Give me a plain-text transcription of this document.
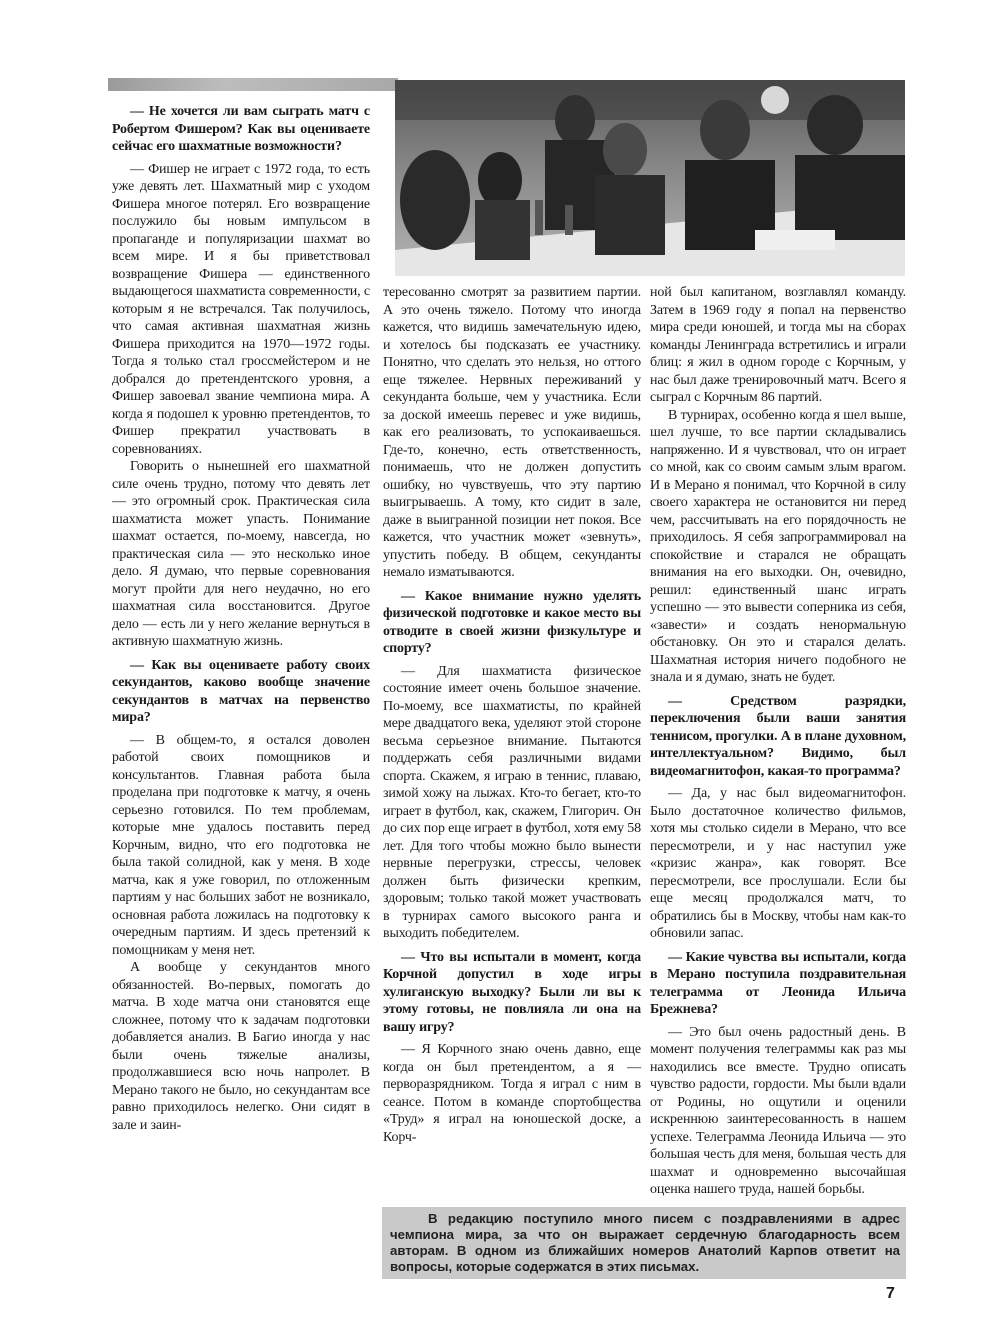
— Не хочется ли вам сыграть матч с Робертом Фишером? Как вы оцениваете сейчас его шахматные возможности?

— Фишер не играет с 1972 года, то есть уже девять лет. Шахматный мир с уходом Фишера многое потерял. Его возвращение послужило бы новым импульсом в пропаганде и популяризации шахмат во всем мире. И я бы приветствовал возвращение Фишера — единственного выдающегося шахматиста современности, с которым я не встречался. Так получилось, что самая активная шахматная жизнь Фишера приходится на 1970—1972 годы. Тогда я только стал гроссмейстером и не добрался до претендентского уровня, а Фишер завоевал звание чемпиона мира. А когда я подошел к уровню претендентов, то Фишер прекратил участвовать в соревнованиях.

Говорить о нынешней его шахматной силе очень трудно, потому что девять лет — это огромный срок. Практическая сила шахматиста может упасть. Понимание шахмат остается, по-моему, навсегда, но практическая сила — это несколько иное дело. Я думаю, что первые соревнования могут пройти для него неудачно, но его шахматная сила восстановится. Другое дело — есть ли у него желание вернуться в активную шахматную жизнь.

— Как вы оцениваете работу своих секундантов, каково вообще значение секундантов в матчах на первенство мира?

— В общем-то, я остался доволен работой своих помощников и консультантов. Главная работа была проделана при подготовке к матчу, я очень серьезно готовился. По тем проблемам, которые мне удалось поставить перед Корчным, видно, что его подготовка не была такой солидной, как у меня. В ходе матча, как я уже говорил, по отложенным партиям у нас больших забот не возникало, основная работа ложилась на подготовку к очередным партиям. И здесь претензий к помощникам у меня нет.

А вообще у секундантов много обязанностей. Во-первых, помогать до матча. В ходе матча они становятся еще сложнее, потому что к задачам подготовки добавляется анализ. В Багио иногда у нас были очень тяжелые анализы, продолжавшиеся всю ночь напролет. В Мерано такого не было, но секундантам все равно приходилось нелегко. Они сидят в зале и заин-

тересованно смотрят за развитием партии. А это очень тяжело. Потому что иногда кажется, что видишь замечательную идею, и хотелось бы подсказать ее участнику. Понятно, что сделать это нельзя, но оттого еще тяжелее. Нервных переживаний у секунданта больше, чем у участника. Если за доской имеешь перевес и уже видишь, как его реализовать, то успокаиваешься. Где-то, конечно, есть ответственность, понимаешь, что не должен допустить ошибку, но чувствуешь, что эту партию выигрываешь. А тому, кто сидит в зале, даже в выигранной позиции нет покоя. Все кажется, что участник может «зевнуть», упустить победу. В общем, секунданты немало изматываются.

— Какое внимание нужно уделять физической подготовке и какое место вы отводите в своей жизни физкультуре и спорту?

— Для шахматиста физическое состояние имеет очень большое значение. По-моему, все шахматисты, по крайней мере двадцатого века, уделяют этой стороне весьма серьезное внимание. Пытаются поддержать себя различными видами спорта. Скажем, я играю в теннис, плаваю, зимой хожу на лыжах. Кто-то бегает, кто-то играет в футбол, как, скажем, Глигорич. Он до сих пор еще играет в футбол, хотя ему 58 лет. Для того чтобы можно было вынести нервные перегрузки, стрессы, человек должен быть физически крепким, здоровым; только такой может участвовать в турнирах самого высокого ранга и выходить победителем.

— Что вы испытали в момент, когда Корчной допустил в ходе игры хулиганскую выходку? Были ли вы к этому готовы, не повлияла ли она на вашу игру?

— Я Корчного знаю очень давно, еще когда он был претендентом, а я — перворазрядником. Тогда я играл с ним в сеансе. Потом в команде спортобщества «Труд» я играл на юношеской доске, а Корч-

ной был капитаном, возглавлял команду. Затем в 1969 году я попал на первенство мира среди юношей, и тогда мы на сборах команды Ленинграда встретились и играли блиц: я жил в одном городе с Корчным, у нас был даже тренировочный матч. Всего я сыграл с Корчным 86 партий.

В турнирах, особенно когда я шел выше, шел лучше, то все партии складывались напряженно. И я чувствовал, что он играет со мной, как со своим самым злым врагом. И в Мерано я понимал, что Корчной в силу своего характера не остановится ни перед чем, рассчитывать на его порядочность не приходилось. Я себя запрограммировал на спокойствие и старался не обращать внимания на его выходки. Он, очевидно, решил: единственный шанс играть успешно — это вывести соперника из себя, «завести» и создать ненормальную обстановку. Он это и старался делать. Шахматная история ничего подобного не знала и я думаю, знать не будет.

— Средством разрядки, переключения были ваши занятия теннисом, прогулки. А в плане духовном, интеллектуальном? Видимо, был видеомагнитофон, какая-то программа?

— Да, у нас был видеомагнитофон. Было достаточное количество фильмов, хотя мы столько сидели в Мерано, что все пересмотрели, и у нас наступил уже «кризис жанра», как говорят. Все пересмотрели, все прослушали. Если бы еще месяц продолжался матч, то обратились бы в Москву, чтобы нам как-то обновили запас.

— Какие чувства вы испытали, когда в Мерано поступила поздравительная телеграмма от Леонида Ильича Брежнева?

— Это был очень радостный день. В момент получения телеграммы как раз мы находились все вместе. Трудно описать чувство радости, гордости. Мы были вдали от Родины, но ощутили и оценили искреннюю заинтересованность в нашем успехе. Телеграмма Леонида Ильича — это большая честь для меня, большая честь для шахмат и одновременно высочайшая оценка нашего труда, нашей борьбы.

В редакцию поступило много писем с поздравлениями в адрес чемпиона мира, за что он выражает сердечную благодарность всем авторам. В одном из ближайших номеров Анатолий Карпов ответит на вопросы, которые содержатся в этих письмах.
7
